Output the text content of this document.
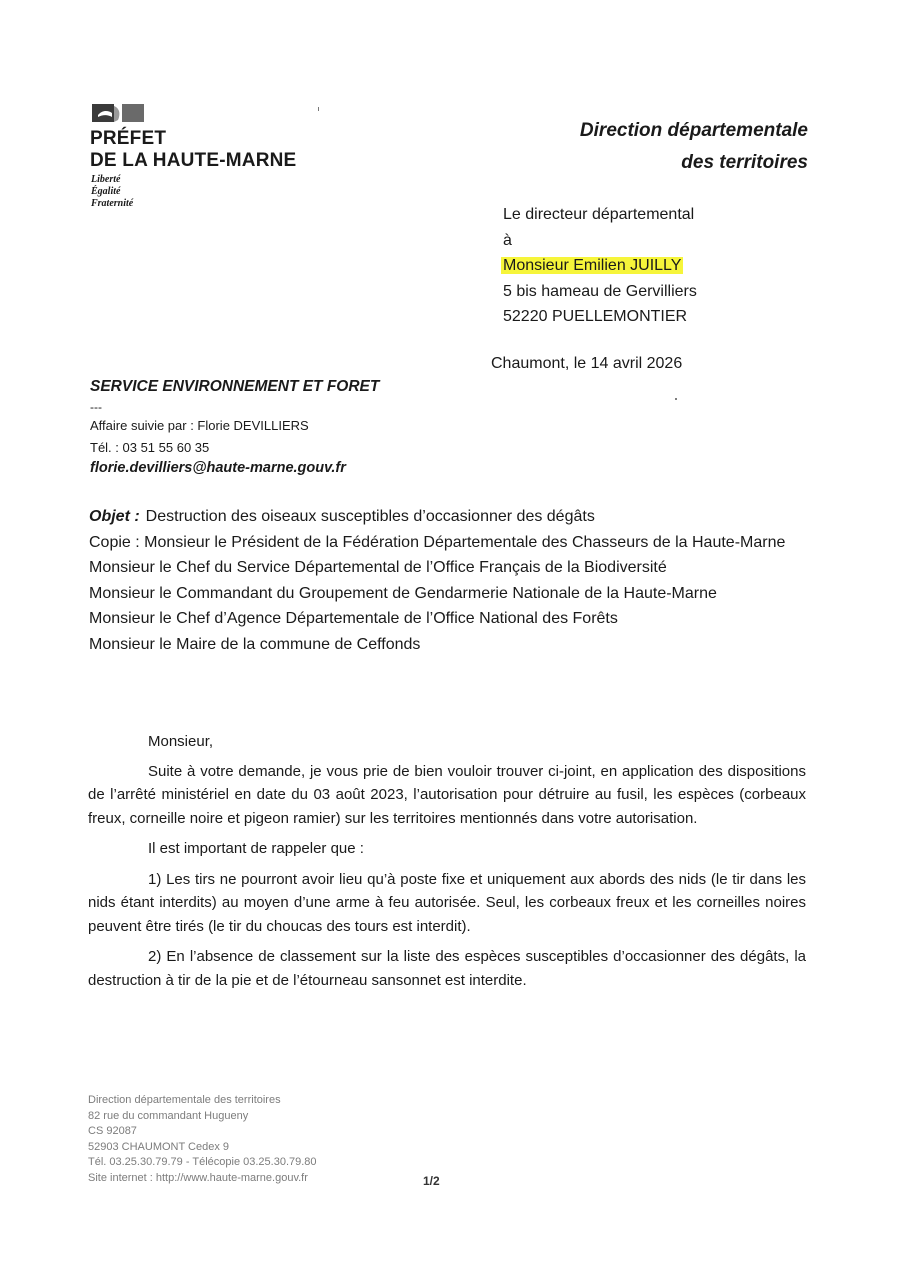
PRÉFET
DE LA HAUTE-MARNE
Liberté
Égalité
Fraternité
Direction départementale
des territoires
Le directeur départemental
à
Monsieur Emilien JUILLY
5 bis hameau de Gervilliers
52220 PUELLEMONTIER
Chaumont, le 14 avril 2026
SERVICE ENVIRONNEMENT ET FORET
---
Affaire suivie par : Florie DEVILLIERS
Tél. : 03 51 55 60 35
florie.devilliers@haute-marne.gouv.fr
Objet : Destruction des oiseaux susceptibles d’occasionner des dégâts
Copie : Monsieur le Président de la Fédération Départementale des Chasseurs de la Haute-Marne
Monsieur le Chef du Service Départemental de l’Office Français de la Biodiversité
Monsieur le Commandant du Groupement de Gendarmerie Nationale de la Haute-Marne
Monsieur le Chef d’Agence Départementale de l’Office National des Forêts
Monsieur le Maire de la commune de Ceffonds

Monsieur,

Suite à votre demande, je vous prie de bien vouloir trouver ci-joint, en application des dispositions de l’arrêté ministériel en date du 03 août 2023, l’autorisation pour détruire au fusil, les espèces (corbeaux freux, corneille noire et pigeon ramier) sur les territoires mentionnés dans votre autorisation.

Il est important de rappeler que :

1) Les tirs ne pourront avoir lieu qu’à poste fixe et uniquement aux abords des nids (le tir dans les nids étant interdits) au moyen d’une arme à feu autorisée. Seul, les corbeaux freux et les corneilles noires peuvent être tirés (le tir du choucas des tours est interdit).

2) En l’absence de classement sur la liste des espèces susceptibles d’occasionner des dégâts, la destruction à tir de la pie et de l’étourneau sansonnet est interdite.

Direction départementale des territoires
82 rue du commandant Hugueny
CS 92087
52903 CHAUMONT Cedex 9
Tél. 03.25.30.79.79 - Télécopie 03.25.30.79.80
Site internet : http://www.haute-marne.gouv.fr	1/2
